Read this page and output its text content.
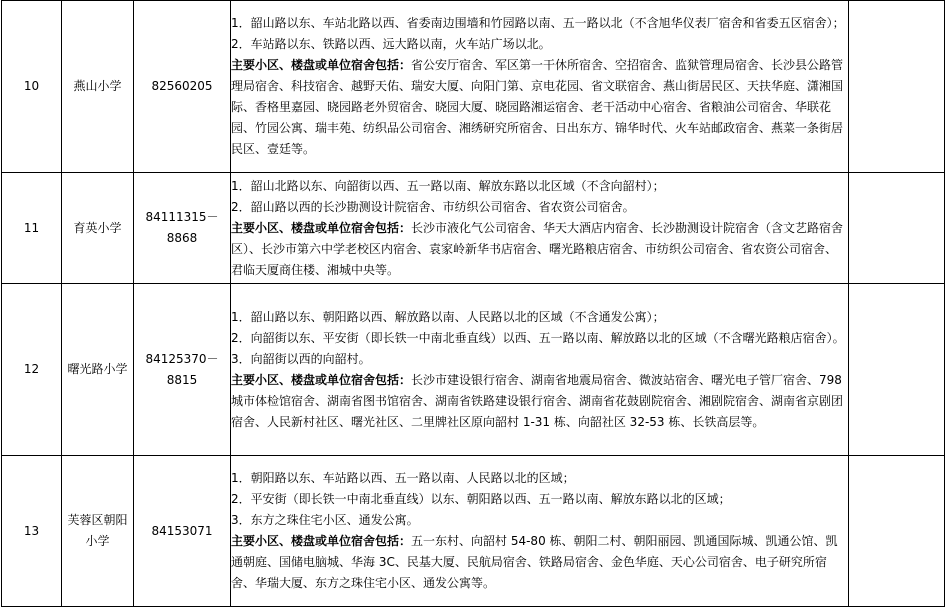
10	燕山小学	82560205	1．韶山路以东、车站北路以西、省委南边围墙和竹园路以南、五一路以北（不含旭华仪表厂宿舍和省委五区宿舍）；
2．车站路以东、铁路以西、远大路以南，火车站广场以北。
主要小区、楼盘或单位宿舍包括：省公安厅宿舍、军区第一干休所宿舍、空招宿舍、监狱管理局宿舍、长沙县公路管理局宿舍、科技宿舍、越野天佑、瑞安大厦、向阳门第、京电花园、省文联宿舍、燕山街居民区、天扶华庭、潇湘国际、香格里嘉园、晓园路老外贸宿舍、晓园大厦、晓园路湘运宿舍、老干活动中心宿舍、省粮油公司宿舍、华联花园、竹园公寓、瑞丰苑、纺织品公司宿舍、湘绣研究所宿舍、日出东方、锦华时代、火车站邮政宿舍、燕菜一条街居民区、壹廷等。	

11	育英小学	84111315－8868	1．韶山北路以东、向韶街以西、五一路以南、解放东路以北区域（不含向韶村）；
2．韶山路以西的长沙勘测设计院宿舍、市纺织公司宿舍、省农资公司宿舍。
主要小区、楼盘或单位宿舍包括：长沙市液化气公司宿舍、华天大酒店内宿舍、长沙勘测设计院宿舍（含文艺路宿舍区）、长沙市第六中学老校区内宿舍、袁家岭新华书店宿舍、曙光路粮店宿舍、市纺织公司宿舍、省农资公司宿舍、君临天厦商住楼、湘城中央等。	

12	曙光路小学	84125370－8815	1．韶山路以东、朝阳路以西、解放路以南、人民路以北的区域（不含通发公寓）；
2．向韶街以东、平安街（即长铁一中南北垂直线）以西、五一路以南、解放路以北的区域（不含曙光路粮店宿舍）。
3．向韶街以西的向韶村。
主要小区、楼盘或单位宿舍包括：长沙市建设银行宿舍、湖南省地震局宿舍、微波站宿舍、曙光电子管厂宿舍、798 城市体检馆宿舍、湖南省图书馆宿舍、湖南省铁路建设银行宿舍、湖南省花鼓剧院宿舍、湘剧院宿舍、湖南省京剧团宿舍、人民新村社区、曙光社区、二里牌社区原向韶村 1-31 栋、向韶社区 32-53 栋、长铁高层等。	

13	芙蓉区朝阳小学	84153071	1．朝阳路以东、车站路以西、五一路以南、人民路以北的区域；
2．平安街（即长铁一中南北垂直线）以东、朝阳路以西、五一路以南、解放东路以北的区域；
3．东方之珠住宅小区、通发公寓。
主要小区、楼盘或单位宿舍包括：五一东村、向韶村 54-80 栋、朝阳二村、朝阳丽园、凯通国际城、凯通公馆、凯通朝庭、国储电脑城、华海 3C、民基大厦、民航局宿舍、铁路局宿舍、金色华庭、天心公司宿舍、电子研究所宿舍、华瑞大厦、东方之珠住宅小区、通发公寓等。	
